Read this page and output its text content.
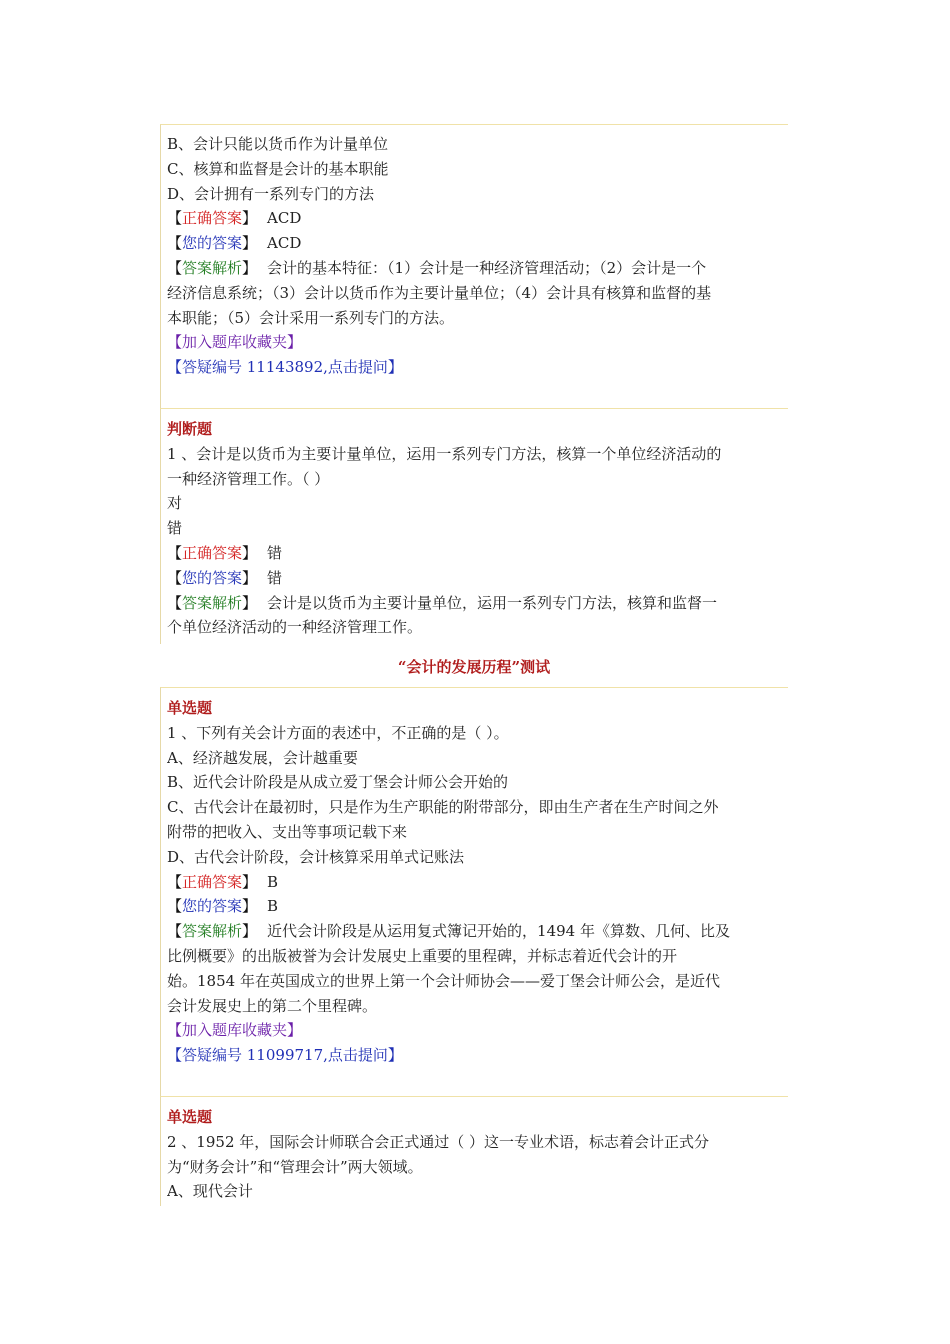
B、会计只能以货币作为计量单位
C、核算和监督是会计的基本职能
D、会计拥有一系列专门的方法
【正确答案】 ACD
【您的答案】 ACD
【答案解析】 会计的基本特征：（1）会计是一种经济管理活动；（2）会计是一个
经济信息系统；（3）会计以货币作为主要计量单位；（4）会计具有核算和监督的基
本职能；（5）会计采用一系列专门的方法。
【加入题库收藏夹】
【答疑编号 11143892,点击提问】
判断题
1 、会计是以货币为主要计量单位，运用一系列专门方法，核算一个单位经济活动的
一种经济管理工作。（ ）
对
错
【正确答案】 错
【您的答案】 错
【答案解析】 会计是以货币为主要计量单位，运用一系列专门方法，核算和监督一
个单位经济活动的一种经济管理工作。
“会计的发展历程”测试
单选题
1 、下列有关会计方面的表述中，不正确的是（ ）。
A、经济越发展，会计越重要
B、近代会计阶段是从成立爱丁堡会计师公会开始的
C、古代会计在最初时，只是作为生产职能的附带部分，即由生产者在生产时间之外
附带的把收入、支出等事项记载下来
D、古代会计阶段，会计核算采用单式记账法
【正确答案】 B
【您的答案】 B
【答案解析】 近代会计阶段是从运用复式簿记开始的，1494 年《算数、几何、比及
比例概要》的出版被誉为会计发展史上重要的里程碑，并标志着近代会计的开
始。1854 年在英国成立的世界上第一个会计师协会——爱丁堡会计师公会，是近代
会计发展史上的第二个里程碑。
【加入题库收藏夹】
【答疑编号 11099717,点击提问】
单选题
2 、1952 年，国际会计师联合会正式通过（ ）这一专业术语，标志着会计正式分
为“财务会计”和“管理会计”两大领域。
A、现代会计
